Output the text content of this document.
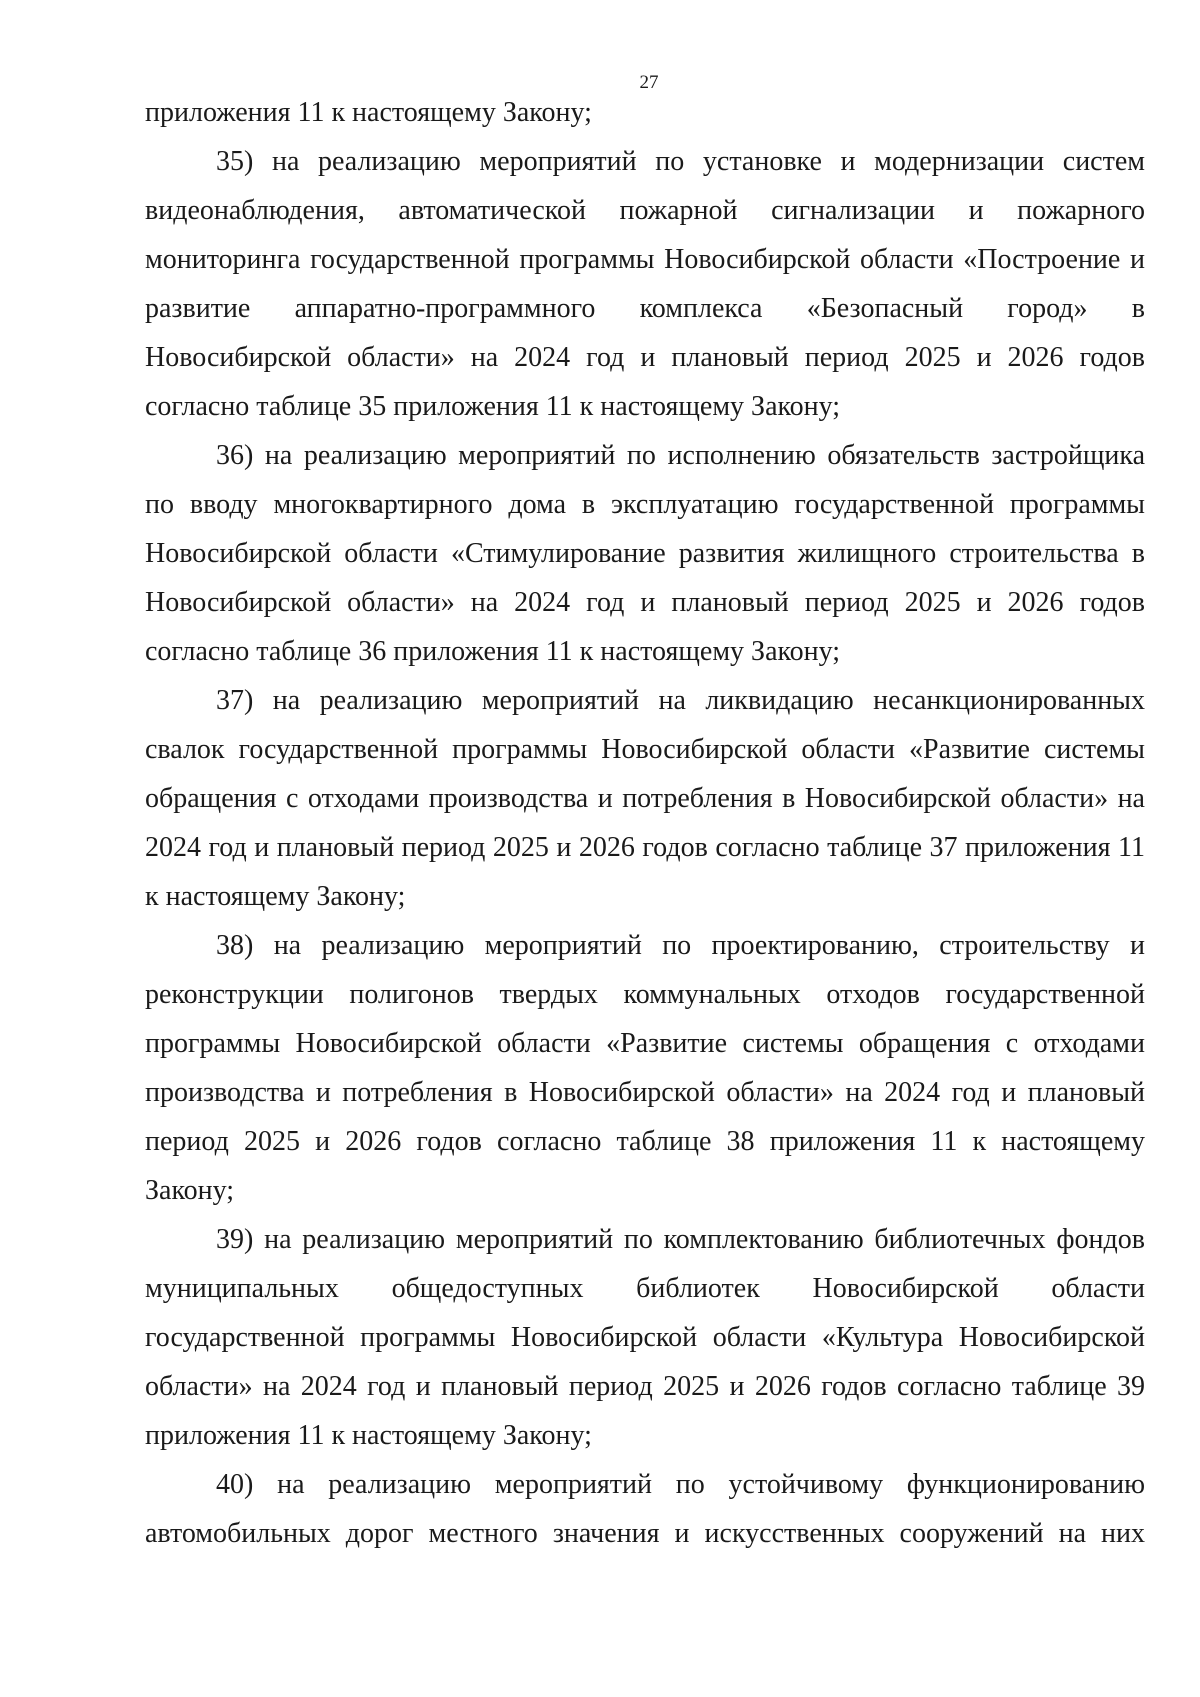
27

приложения 11 к настоящему Закону;

35) на реализацию мероприятий по установке и модернизации систем видеонаблюдения, автоматической пожарной сигнализации и пожарного мониторинга государственной программы Новосибирской области «Построение и развитие аппаратно-программного комплекса «Безопасный город» в Новосибирской области» на 2024 год и плановый период 2025 и 2026 годов согласно таблице 35 приложения 11 к настоящему Закону;

36) на реализацию мероприятий по исполнению обязательств застройщика по вводу многоквартирного дома в эксплуатацию государственной программы Новосибирской области «Стимулирование развития жилищного строительства в Новосибирской области» на 2024 год и плановый период 2025 и 2026 годов согласно таблице 36 приложения 11 к настоящему Закону;

37) на реализацию мероприятий на ликвидацию несанкционированных свалок государственной программы Новосибирской области «Развитие системы обращения с отходами производства и потребления в Новосибирской области» на 2024 год и плановый период 2025 и 2026 годов согласно таблице 37 приложения 11 к настоящему Закону;

38) на реализацию мероприятий по проектированию, строительству и реконструкции полигонов твердых коммунальных отходов государственной программы Новосибирской области «Развитие системы обращения с отходами производства и потребления в Новосибирской области» на 2024 год и плановый период 2025 и 2026 годов согласно таблице 38 приложения 11 к настоящему Закону;

39) на реализацию мероприятий по комплектованию библиотечных фондов муниципальных общедоступных библиотек Новосибирской области государственной программы Новосибирской области «Культура Новосибирской области» на 2024 год и плановый период 2025 и 2026 годов согласно таблице 39 приложения 11 к настоящему Закону;

40) на реализацию мероприятий по устойчивому функционированию автомобильных дорог местного значения и искусственных сооружений на них
